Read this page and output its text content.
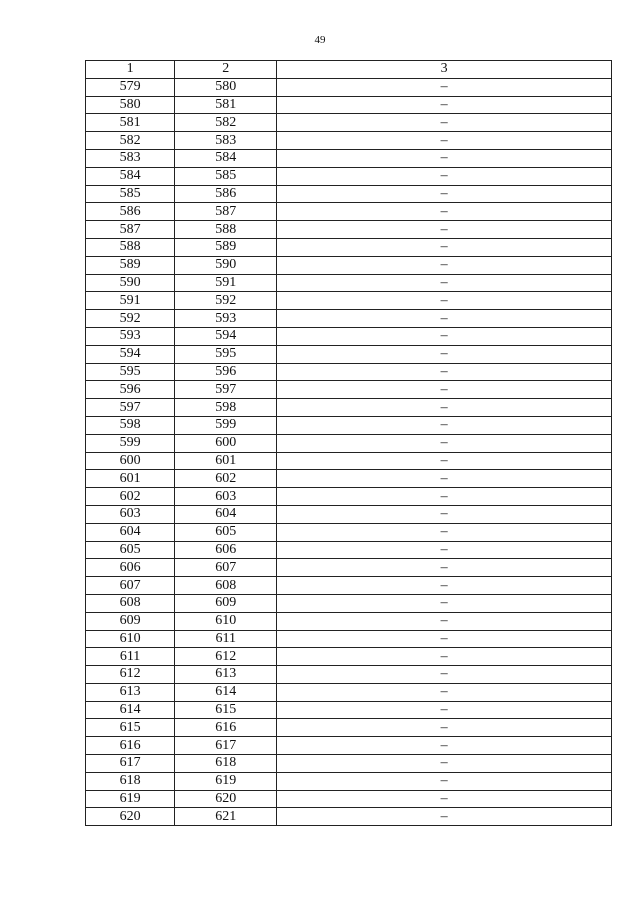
49
1	2	3
579	580	–
580	581	–
581	582	–
582	583	–
583	584	–
584	585	–
585	586	–
586	587	–
587	588	–
588	589	–
589	590	–
590	591	–
591	592	–
592	593	–
593	594	–
594	595	–
595	596	–
596	597	–
597	598	–
598	599	–
599	600	–
600	601	–
601	602	–
602	603	–
603	604	–
604	605	–
605	606	–
606	607	–
607	608	–
608	609	–
609	610	–
610	611	–
611	612	–
612	613	–
613	614	–
614	615	–
615	616	–
616	617	–
617	618	–
618	619	–
619	620	–
620	621	–
